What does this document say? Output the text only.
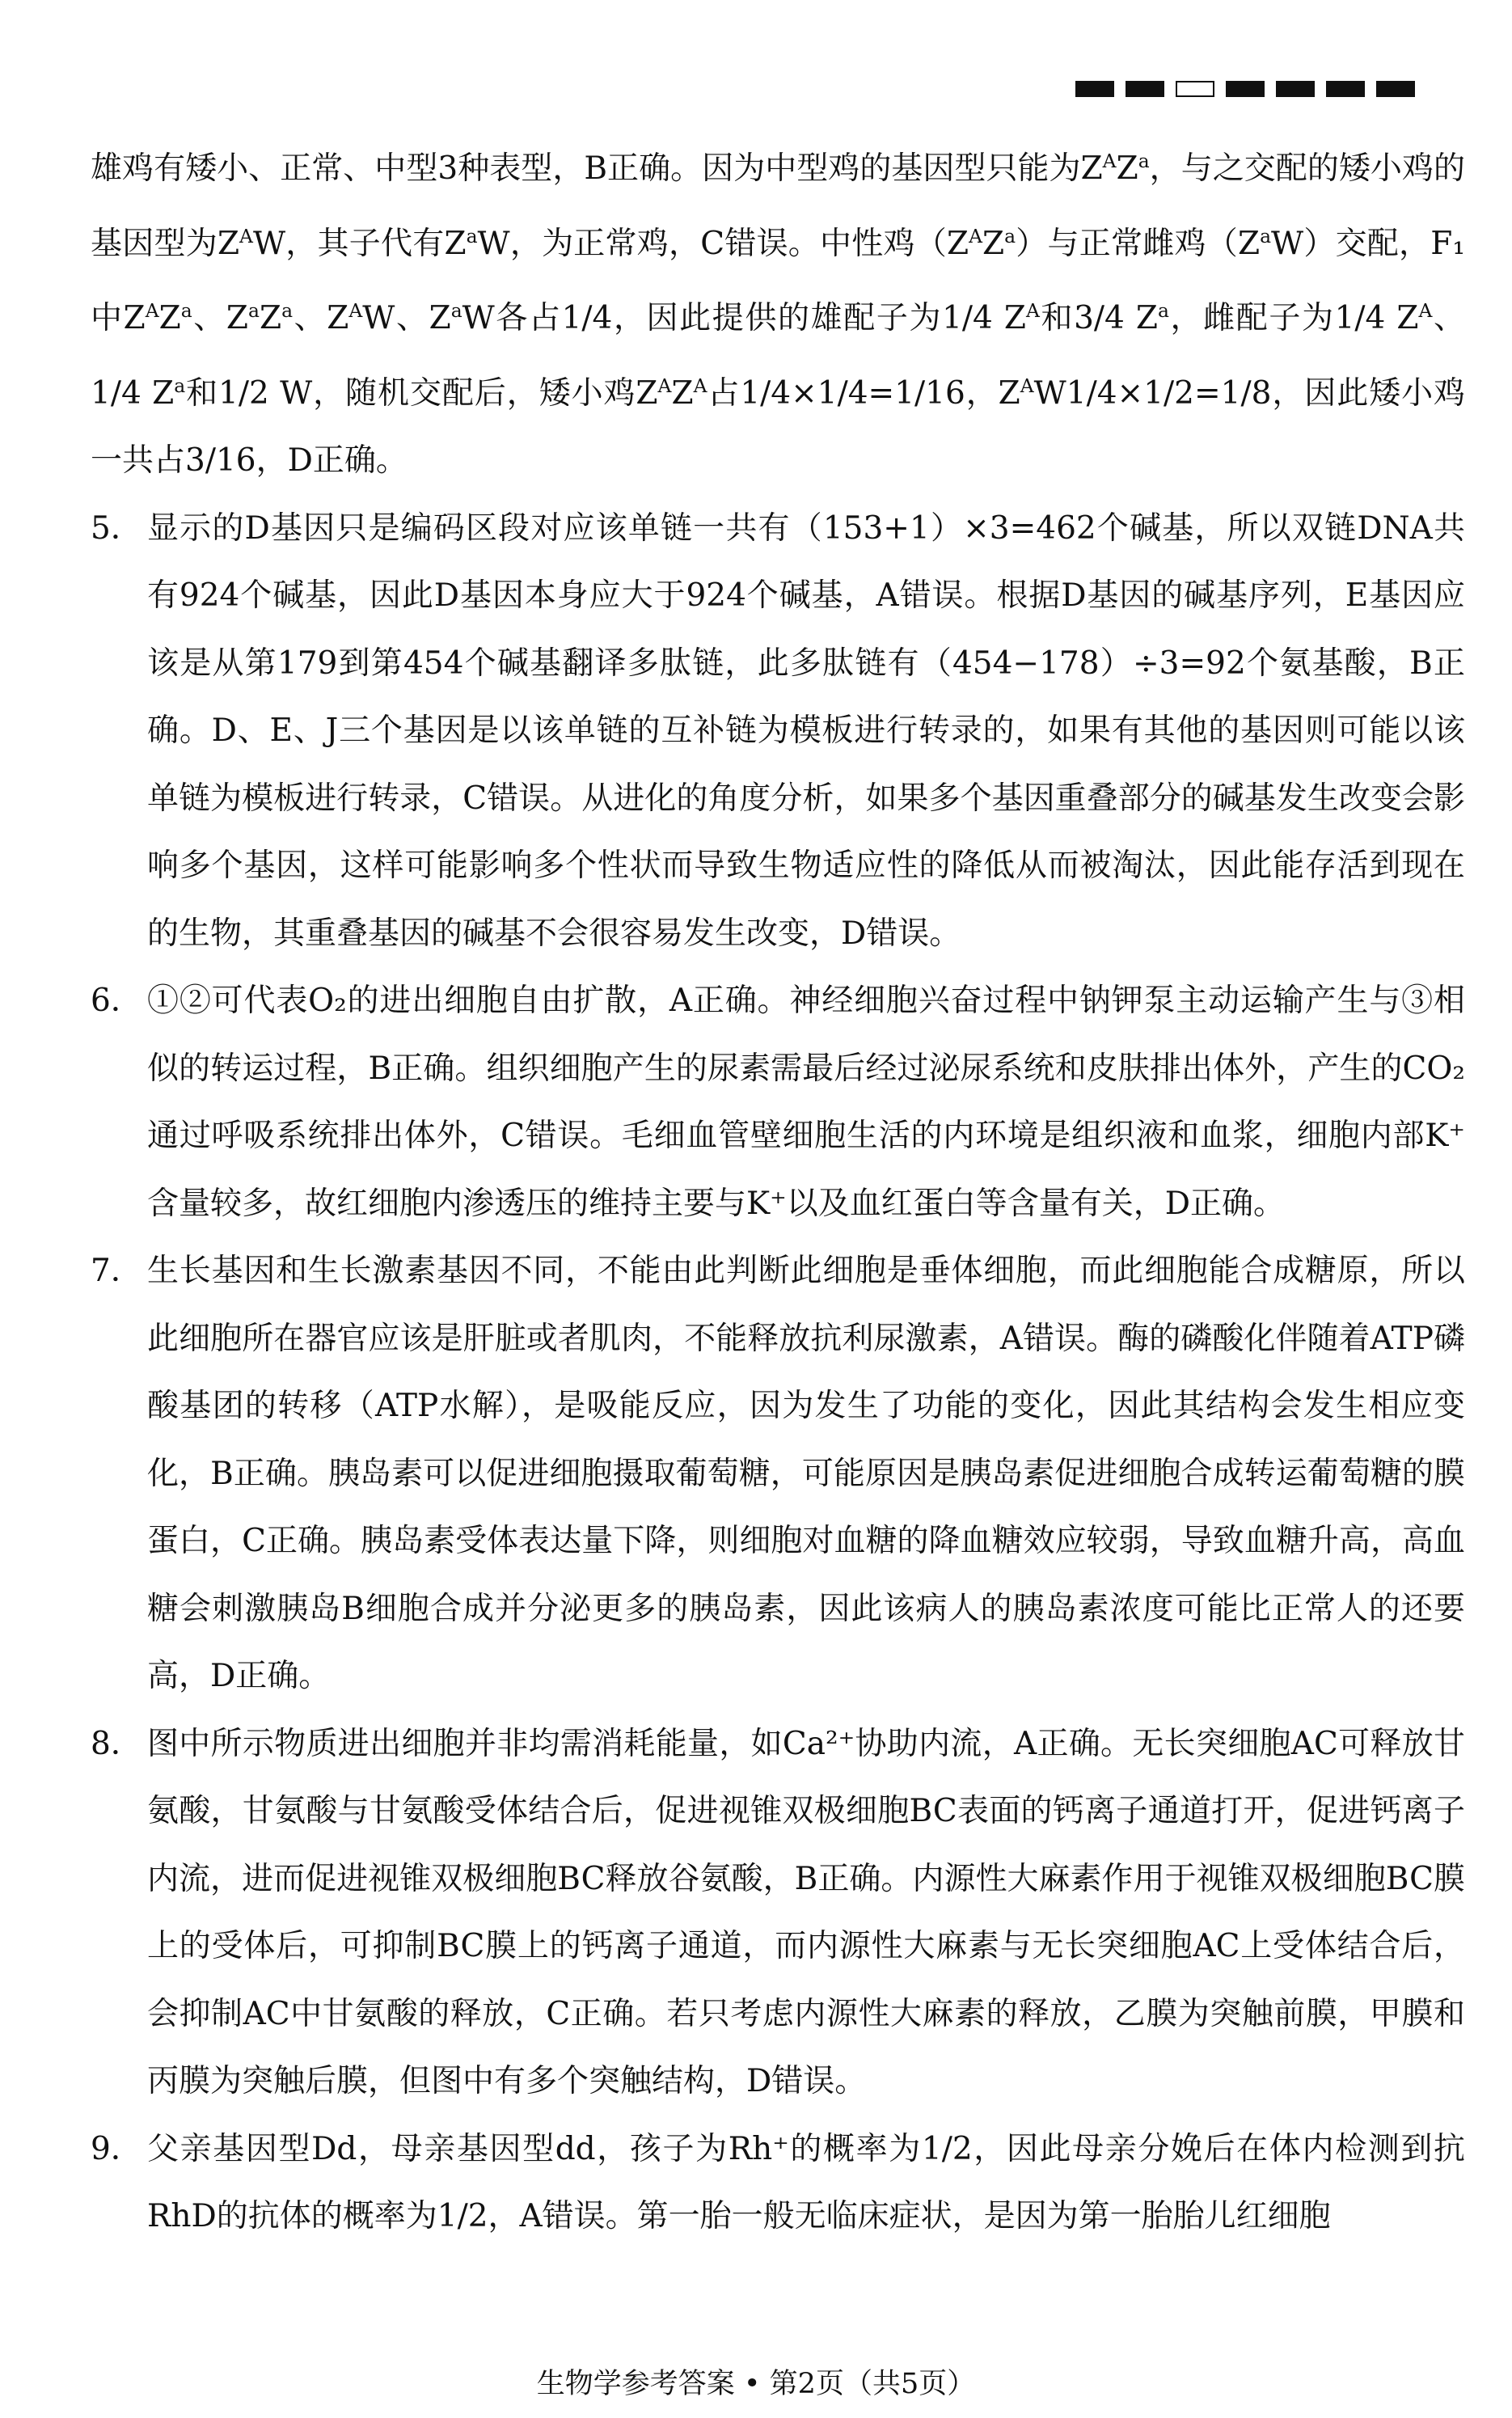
雄鸡有矮小、正常、中型3种表型，B正确。因为中型鸡的基因型只能为$Z^AZ^a$，与之交配的矮小鸡的基因型为$Z^AW$，其子代有$Z^aW$，为正常鸡，C错误。中性鸡$(Z^AZ^a)$与正常雌鸡$(Z^aW)$交配，F₁中$Z^AZ^a$、$Z^aZ^a$、$Z^AW$、$Z^aW$各占1/4，因此提供的雄配子为1/4 $Z^A$和3/4 $Z^a$，雌配子为1/4 $Z^A$、1/4 $Z^a$和1/2 W，随机交配后，矮小鸡$Z^AZ^A$占1/4×1/4=1/16，$Z^AW1/4\times 1/2=1/8$，因此矮小鸡一共占3/16，D正确。

5． 显示的D基因只是编码区段对应该单链一共有（153+1）×3=462个碱基，所以双链DNA共有924个碱基，因此D基因本身应大于924个碱基，A错误。根据D基因的碱基序列，E基因应该是从第179到第454个碱基翻译多肽链，此多肽链有（454−178）÷3=92个氨基酸，B正确。D、E、J三个基因是以该单链的互补链为模板进行转录的，如果有其他的基因则可能以该单链为模板进行转录，C错误。从进化的角度分析，如果多个基因重叠部分的碱基发生改变会影响多个基因，这样可能影响多个性状而导致生物适应性的降低从而被淘汰，因此能存活到现在的生物，其重叠基因的碱基不会很容易发生改变，D错误。
6． ①②可代表O₂的进出细胞自由扩散，A正确。神经细胞兴奋过程中钠钾泵主动运输产生与③相似的转运过程，B正确。组织细胞产生的尿素需最后经过泌尿系统和皮肤排出体外，产生的CO₂通过呼吸系统排出体外，C错误。毛细血管壁细胞生活的内环境是组织液和血浆，细胞内部K⁺含量较多，故红细胞内渗透压的维持主要与K⁺以及血红蛋白等含量有关，D正确。
7． 生长基因和生长激素基因不同，不能由此判断此细胞是垂体细胞，而此细胞能合成糖原，所以此细胞所在器官应该是肝脏或者肌肉，不能释放抗利尿激素，A错误。酶的磷酸化伴随着ATP磷酸基团的转移（ATP水解），是吸能反应，因为发生了功能的变化，因此其结构会发生相应变化，B正确。胰岛素可以促进细胞摄取葡萄糖，可能原因是胰岛素促进细胞合成转运葡萄糖的膜蛋白，C正确。胰岛素受体表达量下降，则细胞对血糖的降血糖效应较弱，导致血糖升高，高血糖会刺激胰岛B细胞合成并分泌更多的胰岛素，因此该病人的胰岛素浓度可能比正常人的还要高，D正确。
8． 图中所示物质进出细胞并非均需消耗能量，如Ca²⁺协助内流，A正确。无长突细胞AC可释放甘氨酸，甘氨酸与甘氨酸受体结合后，促进视锥双极细胞BC表面的钙离子通道打开，促进钙离子内流，进而促进视锥双极细胞BC释放谷氨酸，B正确。内源性大麻素作用于视锥双极细胞BC膜上的受体后，可抑制BC膜上的钙离子通道，而内源性大麻素与无长突细胞AC上受体结合后，会抑制AC中甘氨酸的释放，C正确。若只考虑内源性大麻素的释放，乙膜为突触前膜，甲膜和丙膜为突触后膜，但图中有多个突触结构，D错误。
9． 父亲基因型Dd，母亲基因型dd，孩子为Rh⁺的概率为1/2，因此母亲分娩后在体内检测到抗RhD的抗体的概率为1/2，A错误。第一胎一般无临床症状，是因为第一胎胎儿红细胞
生物学参考答案 • 第2页（共5页）
